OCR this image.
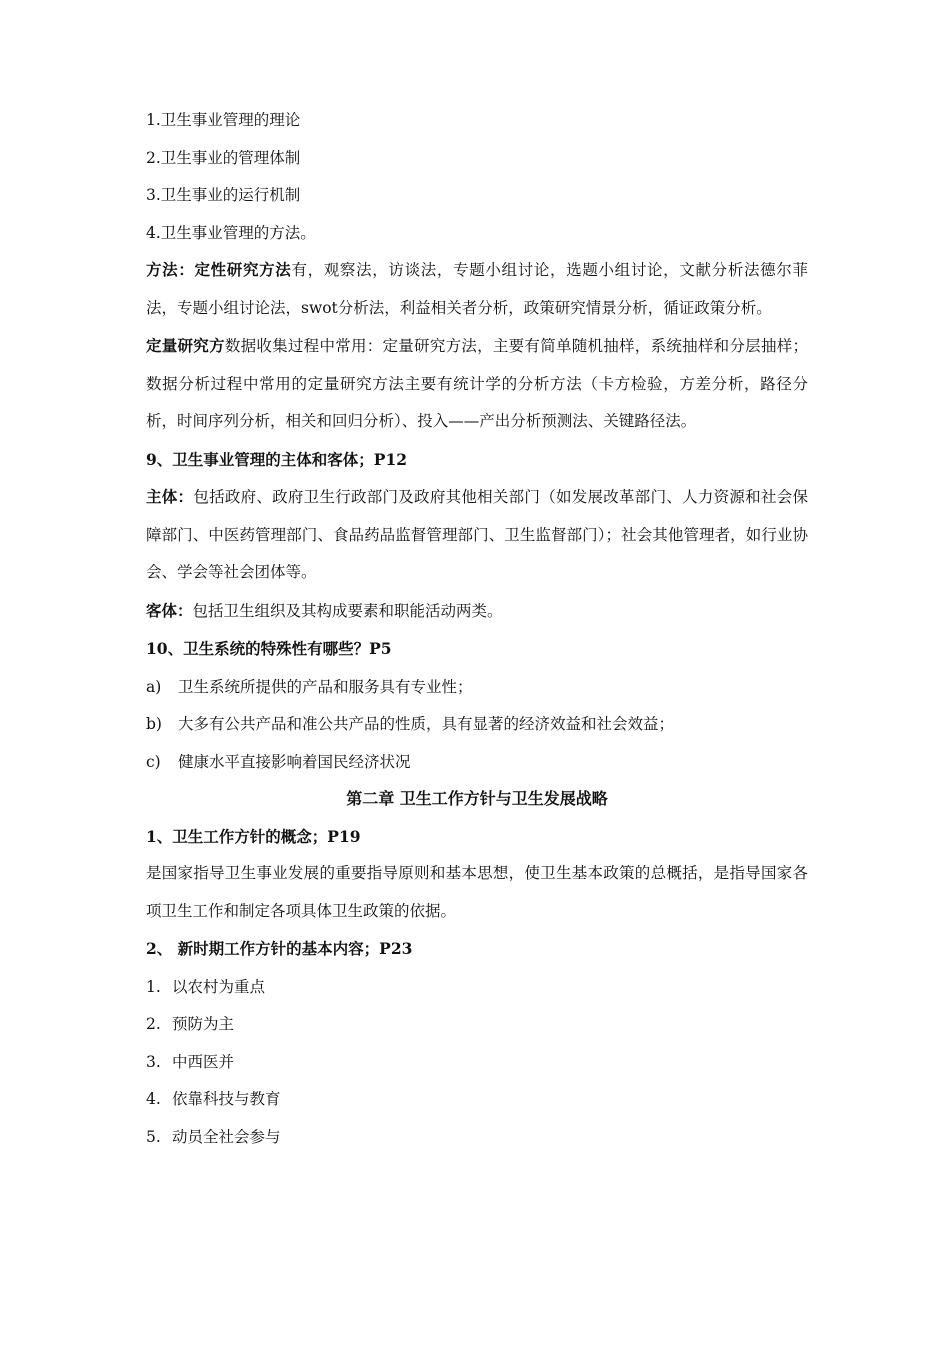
1.卫生事业管理的理论
2.卫生事业的管理体制
3.卫生事业的运行机制
4.卫生事业管理的方法。
方法：定性研究方法有，观察法，访谈法，专题小组讨论，选题小组讨论，文献分析法德尔菲法，专题小组讨论法，swot分析法，利益相关者分析，政策研究情景分析，循证政策分析。
定量研究方数据收集过程中常用：定量研究方法，主要有简单随机抽样，系统抽样和分层抽样；数据分析过程中常用的定量研究方法主要有统计学的分析方法（卡方检验，方差分析，路径分析，时间序列分析，相关和回归分析）、投入——产出分析预测法、关键路径法。
9、卫生事业管理的主体和客体；P12
主体：包括政府、政府卫生行政部门及政府其他相关部门（如发展改革部门、人力资源和社会保障部门、中医药管理部门、食品药品监督管理部门、卫生监督部门）；社会其他管理者，如行业协会、学会等社会团体等。
客体：包括卫生组织及其构成要素和职能活动两类。
10、卫生系统的特殊性有哪些？P5
a) 卫生系统所提供的产品和服务具有专业性；
b) 大多有公共产品和准公共产品的性质，具有显著的经济效益和社会效益；
c) 健康水平直接影响着国民经济状况
第二章 卫生工作方针与卫生发展战略
1、卫生工作方针的概念；P19
是国家指导卫生事业发展的重要指导原则和基本思想，使卫生基本政策的总概括，是指导国家各项卫生工作和制定各项具体卫生政策的依据。
2、 新时期工作方针的基本内容；P23
1. 以农村为重点
2. 预防为主
3. 中西医并
4. 依靠科技与教育
5. 动员全社会参与
